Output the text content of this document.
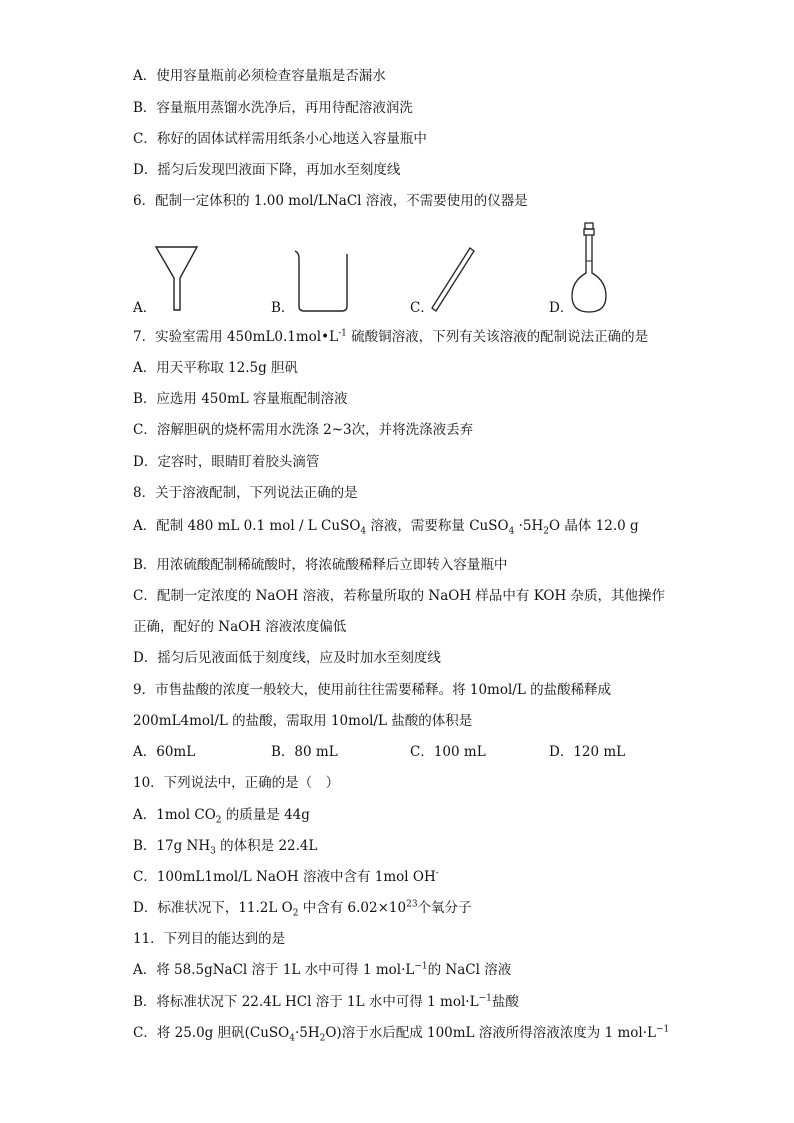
A．使用容量瓶前必须检查容量瓶是否漏水
B．容量瓶用蒸馏水洗净后，再用待配溶液润洗
C．称好的固体试样需用纸条小心地送入容量瓶中
D．摇匀后发现凹液面下降，再加水至刻度线
6．配制一定体积的 1.00 mol/LNaCl 溶液，不需要使用的仪器是
A．	B．	C．	D．
7．实验室需用 $450mL0.1mol•L^{-1}$ 硫酸铜溶液，下列有关该溶液的配制说法正确的是
A．用天平称取 12.5g 胆矾
B．应选用 450mL 容量瓶配制溶液
C．溶解胆矾的烧杯需用水洗涤 2~3次，并将洗涤液丢弃
D．定容时，眼睛盯着胶头滴管
8．关于溶液配制，下列说法正确的是
A．配制 480 mL 0.1 mol / L CuSO$_4$ 溶液，需要称量 CuSO$_4$ $\cdot 5H_2O$ 晶体 12.0 g
B．用浓硫酸配制稀硫酸时，将浓硫酸稀释后立即转入容量瓶中
C．配制一定浓度的 NaOH 溶液，若称量所取的 NaOH 样品中有 KOH 杂质，其他操作
正确，配好的 NaOH 溶液浓度偏低
D．摇匀后见液面低于刻度线，应及时加水至刻度线
9．市售盐酸的浓度一般较大，使用前往往需要稀释。将 10mol/L 的盐酸稀释成
200mL4mol/L 的盐酸，需取用 10mol/L 盐酸的体积是
A．60mL	B．80 mL	C．100 mL	D．120 mL
10．下列说法中，正确的是（　）
A．1mol $CO_2$ 的质量是 44g
B．17g $NH_3$ 的体积是 22.4L
C．100mL1mol/L NaOH 溶液中含有 1mol OH-
D．标准状况下，11.2L $O_2$ 中含有 $6.02\times 10^{23}$个氧分子
11．下列目的能达到的是
A．将 58.5gNaCl 溶于 1L 水中可得 1 $mol\cdot L^{-1}$的 NaCl 溶液
B．将标准状况下 22.4L HCl 溶于 1L 水中可得 1 $mol\cdot L^{-1}$盐酸
C．将 25.0g 胆矾$(CuSO_4\cdot 5H_2O)$溶于水后配成 100mL 溶液所得溶液浓度为 1 $mol\cdot L^{-1}$
